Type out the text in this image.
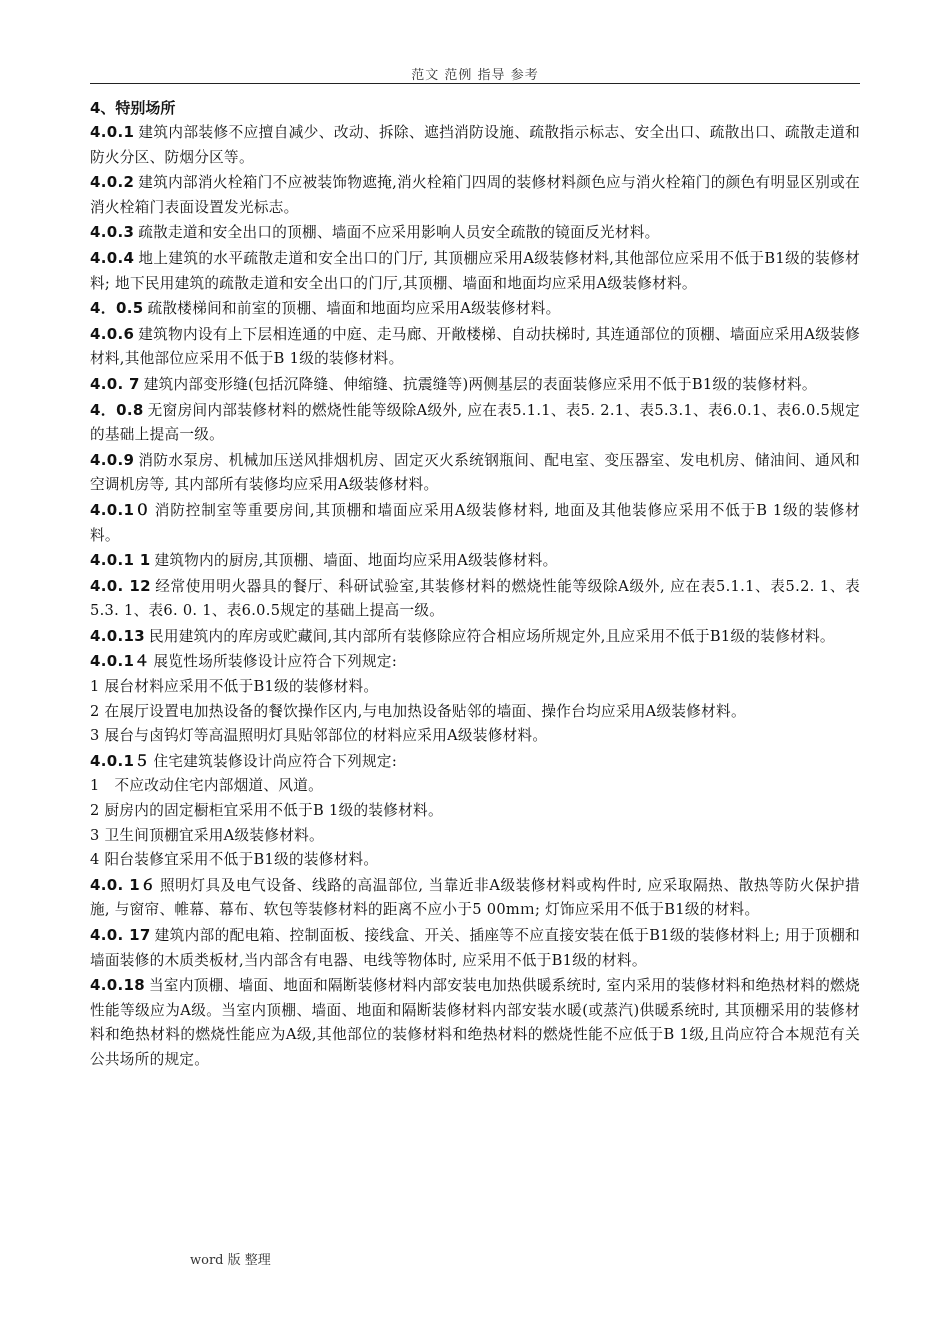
范文 范例 指导 参考

4、特别场所

4.0.1 建筑内部装修不应擅自减少、改动、拆除、遮挡消防设施、疏散指示标志、安全出口、疏散出口、疏散走道和防火分区、防烟分区等。

4.0.2 建筑内部消火栓箱门不应被装饰物遮掩,消火栓箱门四周的装修材料颜色应与消火栓箱门的颜色有明显区别或在消火栓箱门表面设置发光标志。

4.0.3 疏散走道和安全出口的顶棚、墙面不应采用影响人员安全疏散的镜面反光材料。

4.0.4 地上建筑的水平疏散走道和安全出口的门厅, 其顶棚应采用A级装修材料,其他部位应采用不低于B1级的装修材料; 地下民用建筑的疏散走道和安全出口的门厅,其顶棚、墙面和地面均应采用A级装修材料。

4．0.5 疏散楼梯间和前室的顶棚、墙面和地面均应采用A级装修材料。

4.0.6 建筑物内设有上下层相连通的中庭、走马廊、开敞楼梯、自动扶梯时, 其连通部位的顶棚、墙面应采用A级装修材料,其他部位应采用不低于B 1级的装修材料。

4.0. 7 建筑内部变形缝(包括沉降缝、伸缩缝、抗震缝等)两侧基层的表面装修应采用不低于B1级的装修材料。

4．0.8 无窗房间内部装修材料的燃烧性能等级除A级外, 应在表5.1.1、表5. 2.1、表5.3.1、表6.0.1、表6.0.5规定的基础上提高一级。

4.0.9 消防水泵房、机械加压送风排烟机房、固定灭火系统钢瓶间、配电室、变压器室、发电机房、储油间、通风和空调机房等, 其内部所有装修均应采用A级装修材料。

4.0.1０ 消防控制室等重要房间,其顶棚和墙面应采用A级装修材料, 地面及其他装修应采用不低于B 1级的装修材料。

4.0.1 1 建筑物内的厨房,其顶棚、墙面、地面均应采用A级装修材料。

4.0. 12 经常使用明火器具的餐厅、科研试验室,其装修材料的燃烧性能等级除A级外, 应在表5.1.1、表5.2. 1、表5.3. 1、表6. 0. 1、表6.0.5规定的基础上提高一级。

4.0.13 民用建筑内的库房或贮藏间,其内部所有装修除应符合相应场所规定外,且应采用不低于B1级的装修材料。

4.0.1４ 展览性场所装修设计应符合下列规定:

1 展台材料应采用不低于B1级的装修材料。

2 在展厅设置电加热设备的餐饮操作区内,与电加热设备贴邻的墙面、操作台均应采用A级装修材料。

3 展台与卤钨灯等高温照明灯具贴邻部位的材料应采用A级装修材料。

4.0.1５ 住宅建筑装修设计尚应符合下列规定:

1　不应改动住宅内部烟道、风道。

2 厨房内的固定橱柜宜采用不低于B 1级的装修材料。

3 卫生间顶棚宜采用A级装修材料。

4 阳台装修宜采用不低于B1级的装修材料。

4.0. 1６ 照明灯具及电气设备、线路的高温部位, 当靠近非A级装修材料或构件时, 应采取隔热、散热等防火保护措施, 与窗帘、帷幕、幕布、软包等装修材料的距离不应小于5 00mｍ; 灯饰应采用不低于B1级的材料。

4.0. 17 建筑内部的配电箱、控制面板、接线盒、开关、插座等不应直接安装在低于B1级的装修材料上; 用于顶棚和墙面装修的木质类板材,当内部含有电器、电线等物体时, 应采用不低于B1级的材料。

4.0.18 当室内顶棚、墙面、地面和隔断装修材料内部安装电加热供暖系统时, 室内采用的装修材料和绝热材料的燃烧性能等级应为A级。当室内顶棚、墙面、地面和隔断装修材料内部安装水暖(或蒸汽)供暖系统时, 其顶棚采用的装修材料和绝热材料的燃烧性能应为A级,其他部位的装修材料和绝热材料的燃烧性能不应低于B 1级,且尚应符合本规范有关公共场所的规定。

word 版 整理
